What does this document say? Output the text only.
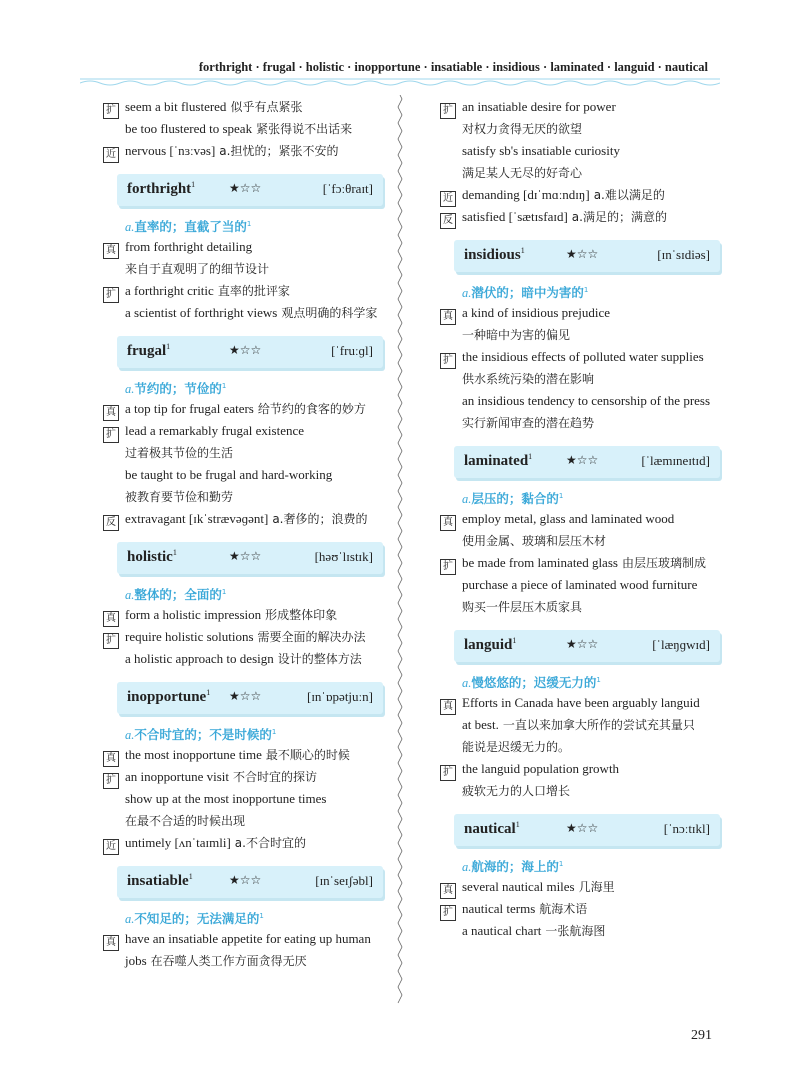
forthright · frugal · holistic · inopportune · insatiable · insidious · laminated · languid · nautical
扩 seem a bit flustered 似乎有点紧张
be too flustered to speak 紧张得说不出话来
近 nervous [ˈnɜːvəs] a.担忧的；紧张不安的
forthright$^1$	★☆☆	[ˈfɔːθraɪt]
a.直率的；直截了当的$^1$
真 from forthright detailing
来自于直观明了的细节设计
扩 a forthright critic 直率的批评家
a scientist of forthright views 观点明确的科学家
frugal$^1$	★☆☆	[ˈfruːɡl]
a.节约的；节俭的$^1$
真 a top tip for frugal eaters 给节约的食客的妙方
扩 lead a remarkably frugal existence
过着极其节俭的生活
be taught to be frugal and hard-working
被教育要节俭和勤劳
反 extravagant [ɪkˈstrævəɡənt] a.奢侈的；浪费的
holistic$^1$	★☆☆	[həʊˈlɪstɪk]
a.整体的；全面的$^1$
真 form a holistic impression 形成整体印象
扩 require holistic solutions 需要全面的解决办法
a holistic approach to design 设计的整体方法
inopportune$^1$ ★☆☆	[ɪnˈɒpətjuːn]
a.不合时宜的；不是时候的$^1$
真 the most inopportune time 最不顺心的时候
扩 an inopportune visit 不合时宜的探访
show up at the most inopportune times
在最不合适的时候出现
近 untimely [ʌnˈtaɪmli] a.不合时宜的
insatiable$^1$	★☆☆	[ɪnˈseɪʃəbl]
a.不知足的；无法满足的$^1$
真 have an insatiable appetite for eating up human
jobs 在吞噬人类工作方面贪得无厌
扩 an insatiable desire for power
对权力贪得无厌的欲望
satisfy sb's insatiable curiosity
满足某人无尽的好奇心
近 demanding [dɪˈmɑːndɪŋ] a.难以满足的
反 satisfied [ˈsætɪsfaɪd] a.满足的；满意的
insidious$^1$	★☆☆	[ɪnˈsɪdiəs]
a.潜伏的；暗中为害的$^1$
真 a kind of insidious prejudice
一种暗中为害的偏见
扩 the insidious effects of polluted water supplies
供水系统污染的潜在影响
an insidious tendency to censorship of the press
实行新闻审查的潜在趋势
laminated$^1$	★☆☆	[ˈlæmɪneɪtɪd]
a.层压的；黏合的$^1$
真 employ metal, glass and laminated wood
使用金属、玻璃和层压木材
扩 be made from laminated glass 由层压玻璃制成
purchase a piece of laminated wood furniture
购买一件层压木质家具
languid$^1$	★☆☆	[ˈlæŋɡwɪd]
a.慢悠悠的；迟缓无力的$^1$
真 Efforts in Canada have been arguably languid
at best. 一直以来加拿大所作的尝试充其量只
能说是迟缓无力的。
扩 the languid population growth
疲软无力的人口增长
nautical$^1$	★☆☆	[ˈnɔːtɪkl]
a.航海的；海上的$^1$
真 several nautical miles 几海里
扩 nautical terms 航海术语
a nautical chart 一张航海图
291
